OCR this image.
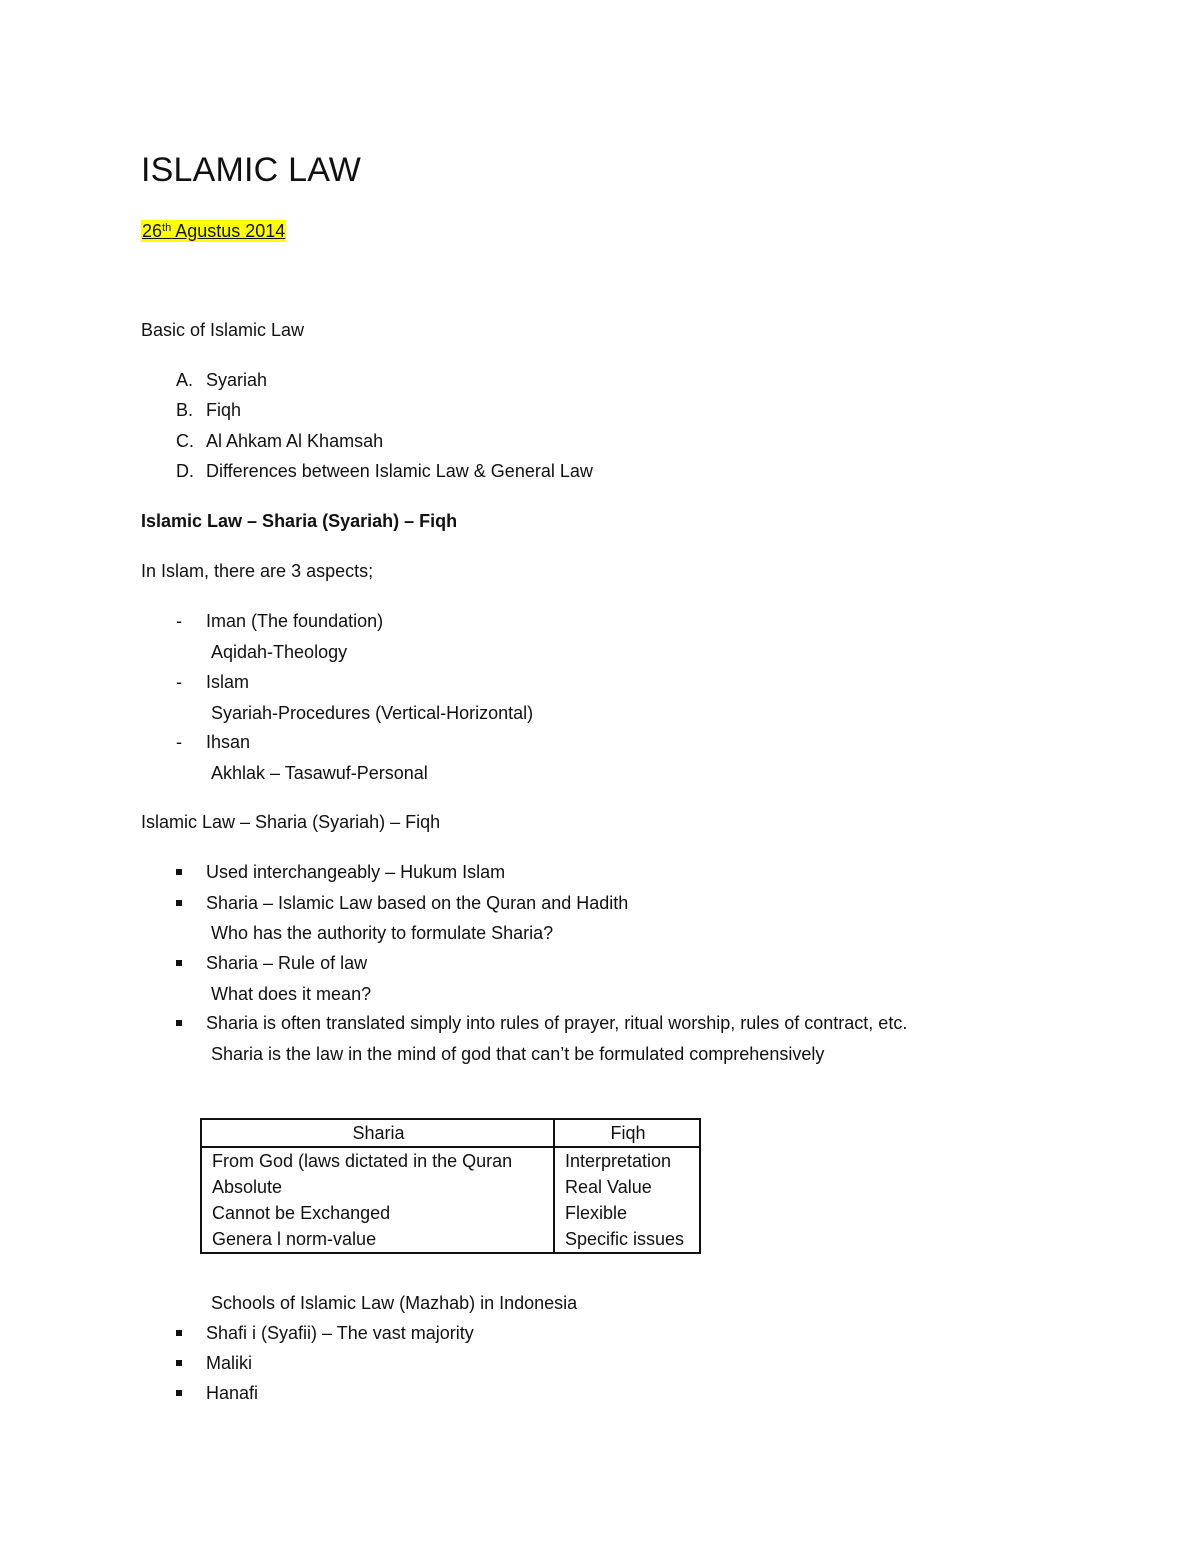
ISLAMIC LAW
26th Agustus 2014
Basic of Islamic Law
A. Syariah
B. Fiqh
C. Al Ahkam Al Khamsah
D. Differences between Islamic Law & General Law
Islamic Law – Sharia (Syariah) – Fiqh
In Islam, there are 3 aspects;
- Iman (The foundation)
Aqidah-Theology
- Islam
Syariah-Procedures (Vertical-Horizontal)
- Ihsan
Akhlak – Tasawuf-Personal
Islamic Law – Sharia (Syariah) – Fiqh
Used interchangeably – Hukum Islam
Sharia – Islamic Law based on the Quran and Hadith
Who has the authority to formulate Sharia?
Sharia – Rule of law
What does it mean?
Sharia is often translated simply into rules of prayer, ritual worship, rules of contract, etc.
Sharia is the law in the mind of god that can’t be formulated comprehensively
Sharia	Fiqh
From God (laws dictated in the Quran	Interpretation
Absolute	Real Value
Cannot be Exchanged	Flexible
Genera l norm-value	Specific issues
Schools of Islamic Law (Mazhab) in Indonesia
Shafi i (Syafii) – The vast majority
Maliki
Hanafi
